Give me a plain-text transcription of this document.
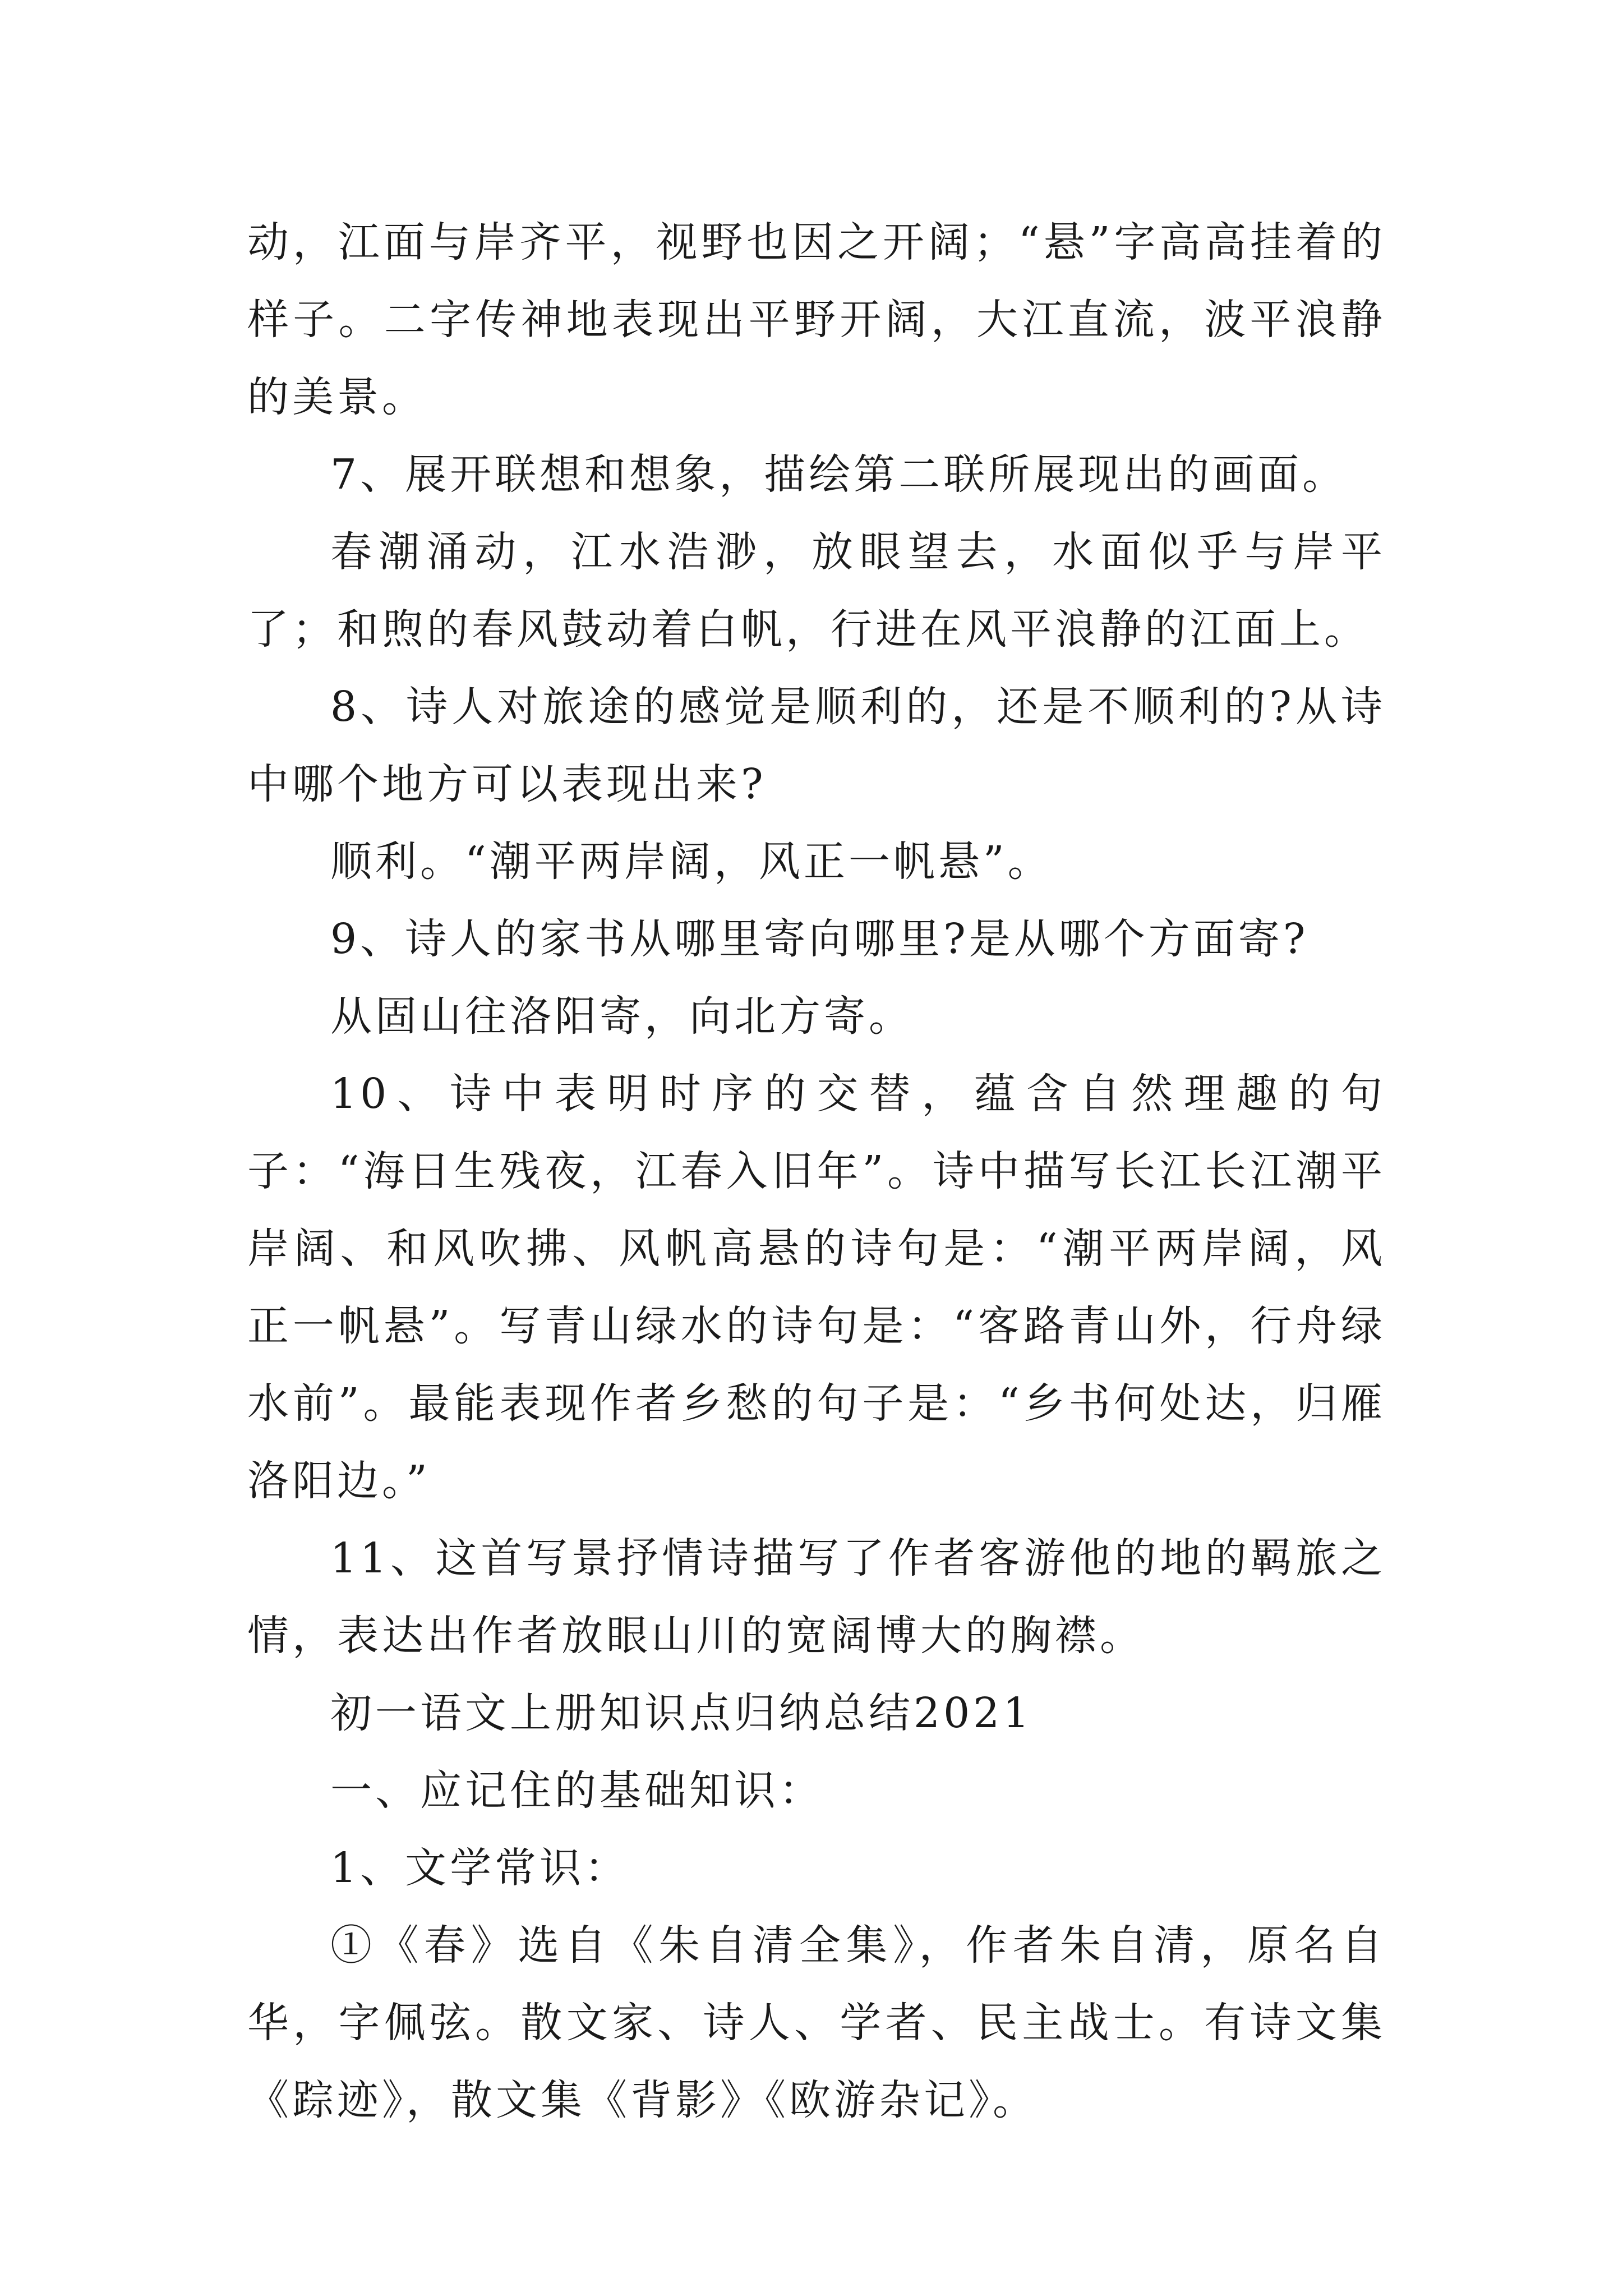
动，江面与岸齐平，视野也因之开阔；“悬”字高高挂着的样子。二字传神地表现出平野开阔，大江直流，波平浪静的美景。

7、展开联想和想象，描绘第二联所展现出的画面。

春潮涌动，江水浩渺，放眼望去，水面似乎与岸平了；和煦的春风鼓动着白帆，行进在风平浪静的江面上。

8、诗人对旅途的感觉是顺利的，还是不顺利的?从诗中哪个地方可以表现出来?

顺利。“潮平两岸阔，风正一帆悬”。

9、诗人的家书从哪里寄向哪里?是从哪个方面寄?

从固山往洛阳寄，向北方寄。

10、诗中表明时序的交替，蕴含自然理趣的句子：“海日生残夜，江春入旧年”。诗中描写长江长江潮平岸阔、和风吹拂、风帆高悬的诗句是：“潮平两岸阔，风正一帆悬”。写青山绿水的诗句是：“客路青山外，行舟绿水前”。最能表现作者乡愁的句子是：“乡书何处达，归雁洛阳边。”

11、这首写景抒情诗描写了作者客游他的地的羁旅之情，表达出作者放眼山川的宽阔博大的胸襟。

初一语文上册知识点归纳总结2021

一、应记住的基础知识：

1、文学常识：

①《春》选自《朱自清全集》，作者朱自清，原名自华，字佩弦。散文家、诗人、学者、民主战士。有诗文集《踪迹》，散文集《背影》《欧游杂记》。
